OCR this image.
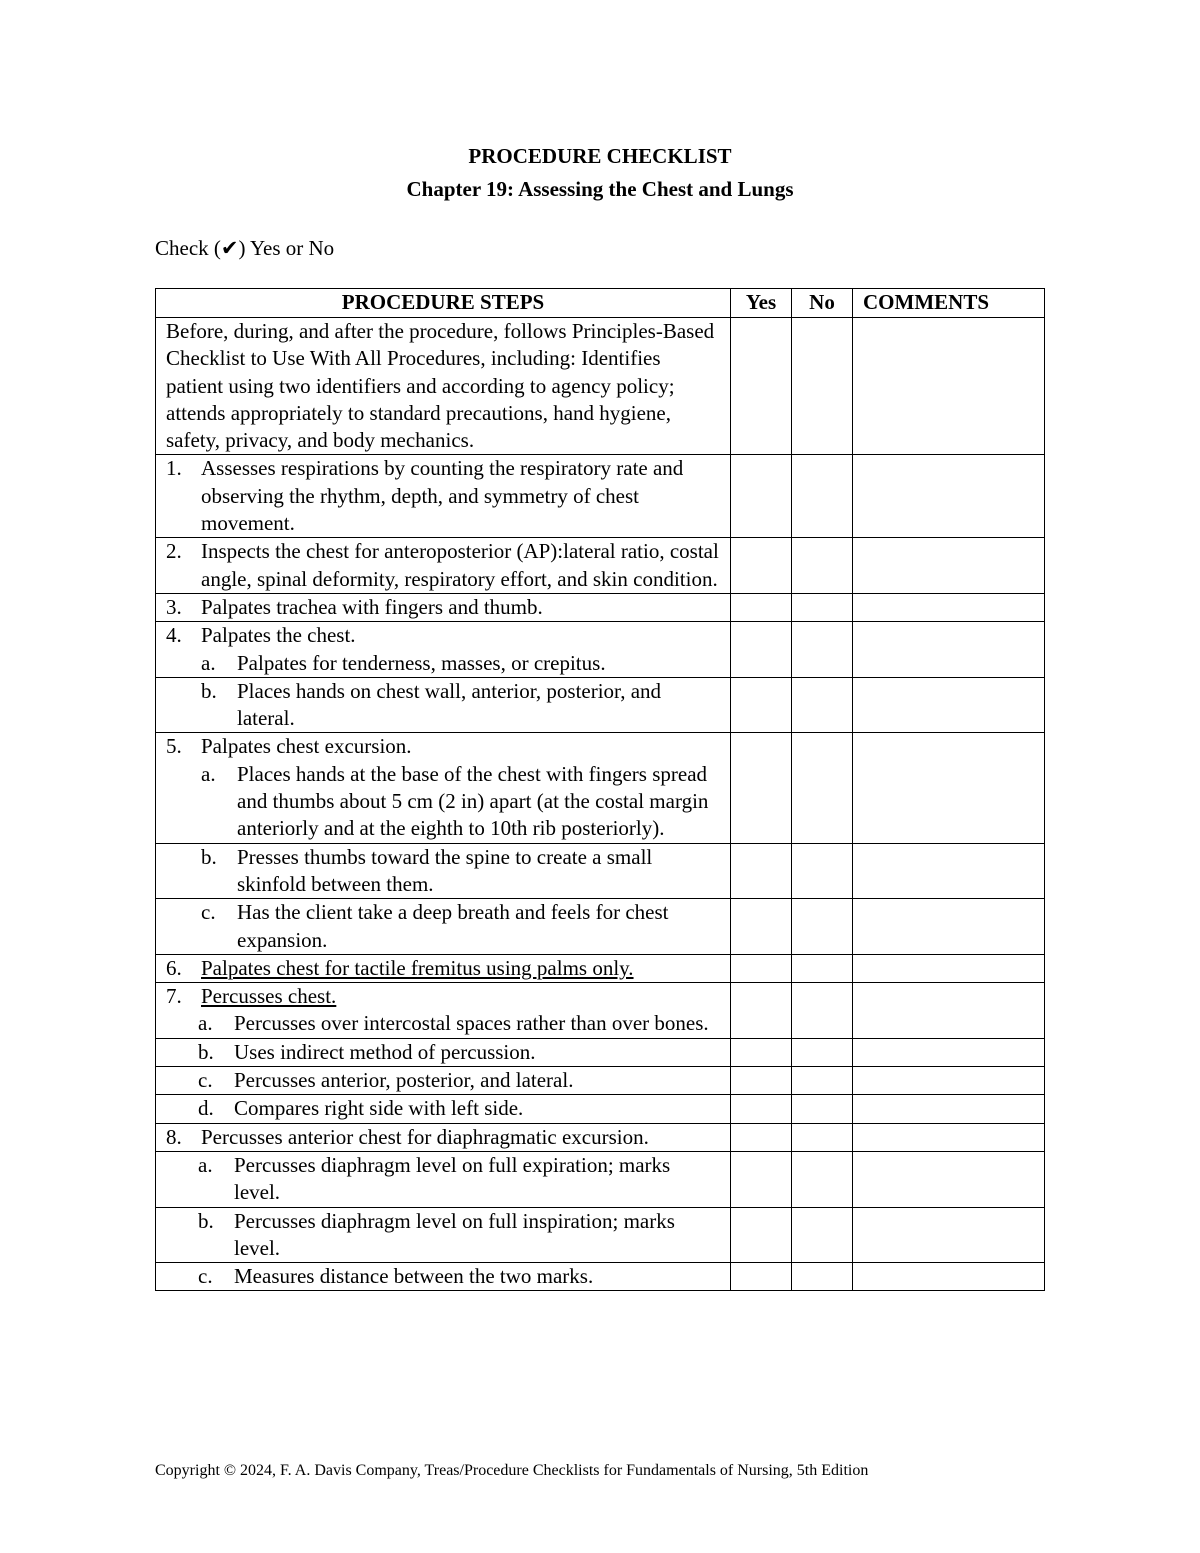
PROCEDURE CHECKLIST
Chapter 19: Assessing the Chest and Lungs
Check (✔) Yes or No
PROCEDURE STEPS	Yes	No	COMMENTS

Before, during, and after the procedure, follows Principles-Based Checklist to Use With All Procedures, including: Identifies patient using two identifiers and according to agency policy; attends appropriately to standard precautions, hand hygiene, safety, privacy, and body mechanics.			

1. Assesses respirations by counting the respiratory rate and observing the rhythm, depth, and symmetry of chest movement.			

2. Inspects the chest for anteroposterior (AP):lateral ratio, costal angle, spinal deformity, respiratory effort, and skin condition.			

3. Palpates trachea with fingers and thumb.			

4. Palpates the chest.
a. Palpates for tenderness, masses, or crepitus.			

b. Places hands on chest wall, anterior, posterior, and lateral.			

5. Palpates chest excursion.
a. Places hands at the base of the chest with fingers spread and thumbs about 5 cm (2 in) apart (at the costal margin anteriorly and at the eighth to 10th rib posteriorly).			

b. Presses thumbs toward the spine to create a small skinfold between them.			

c. Has the client take a deep breath and feels for chest expansion.			

6. Palpates chest for tactile fremitus using palms only.			

7. Percusses chest.
a. Percusses over intercostal spaces rather than over bones.			

b. Uses indirect method of percussion.			

c. Percusses anterior, posterior, and lateral.			

d. Compares right side with left side.			

8. Percusses anterior chest for diaphragmatic excursion.			

a. Percusses diaphragm level on full expiration; marks level.			

b. Percusses diaphragm level on full inspiration; marks level.			

c. Measures distance between the two marks.			

Copyright © 2024, F. A. Davis Company, Treas/Procedure Checklists for Fundamentals of Nursing, 5th Edition
